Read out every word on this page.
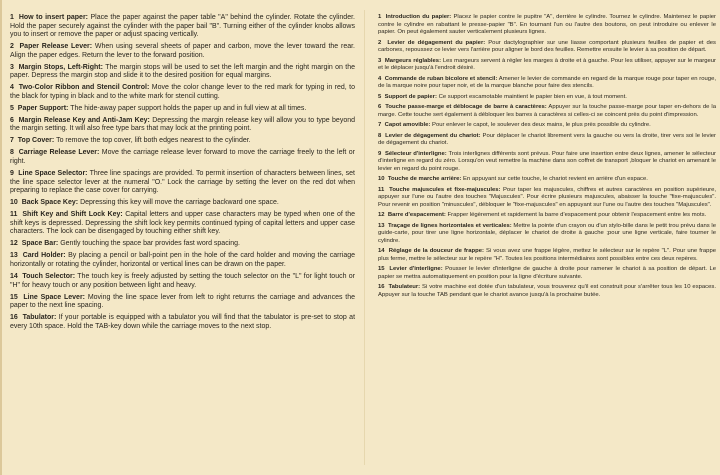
1 How to insert paper: Place the paper against the paper table "A" behind the cylinder. Rotate the cylinder. Hold the paper securely against the cylinder with the paper bail "B". Turning either of the cylinder knobs allows you to insert or remove the paper or adjust spacing vertically.

2 Paper Release Lever: When using several sheets of paper and carbon, move the lever toward the rear. Align the paper edges. Return the lever to the forward position.

3 Margin Stops, Left-Right: The margin stops will be used to set the left margin and the right margin on the paper. Depress the margin stop and slide it to the desired position for equal margins.

4 Two-Color Ribbon and Stencil Control: Move the color change lever to the red mark for typing in red, to the black for typing in black and to the white mark for stencil cutting.

5 Paper Support: The hide-away paper support holds the paper up and in full view at all times.

6 Margin Release Key and Anti-Jam Key: Depressing the margin release key will allow you to type beyond the margin setting. It will also free type bars that may lock at the printing point.

7 Top Cover: To remove the top cover, lift both edges nearest to the cylinder.

8 Carriage Release Lever: Move the carriage release lever forward to move the carriage freely to the left or right.

9 Line Space Selector: Three line spacings are provided. To permit insertion of characters between lines, set the line space selector lever at the numeral "O." Lock the carriage by setting the lever on the red dot when preparing to replace the case cover for carrying.

10 Back Space Key: Depressing this key will move the carriage backward one space.

11 Shift Key and Shift Lock Key: Capital letters and upper case characters may be typed when one of the shift keys is depressed. Depressing the shift lock key permits continued typing of capital letters and upper case characters. The lock can be disengaged by touching either shift key.

12 Space Bar: Gently touching the space bar provides fast word spacing.

13 Card Holder: By placing a pencil or ball-point pen in the hole of the card holder and moving the carriage horizontally or rotating the cylinder, horizontal or vertical lines can be drawn on the paper.

14 Touch Selector: The touch key is freely adjusted by setting the touch selector on the "L" for light touch or "H" for heavy touch or any position between light and heavy.

15 Line Space Lever: Moving the line space lever from left to right returns the carriage and advances the paper to the next line spacing.

16 Tabulator: If your portable is equipped with a tabulator you will find that the tabulator is pre-set to stop at every 10th space. Hold the TAB-key down while the carriage moves to the next stop.

1 Introduction du papier: Placez le papier contre le pupitre "A", derrière le cylindre. Tournez le cylindre. Maintenez le papier contre le cylindre en rabattant le presse-papier "B". En tournant l'un ou l'autre des boutons, on peut introduire ou enlever le papier. On peut également sauter verticalement plusieurs lignes.

2 Levier de dégagement du papier: Pour dactylographier sur une liasse comportant plusieurs feuilles de papier et des carbones, repoussez ce levier vers l'arrière pour aligner le bord des feuilles. Remettre ensuite le levier à sa position de départ.

3 Margeurs réglables: Les margeurs servent à régler les marges à droite et à gauche. Pour les utiliser, appuyer sur le margeur et le déplacer jusqu'à l'endroit désiré.

4 Commande de ruban bicolore et stencil: Amener le levier de commande en regard de la marque rouge pour taper en rouge, de la marque noire pour taper noir, et de la marque blanche pour faire des stencils.

5 Support de papier: Ce support escamotable maintient le papier bien en vue, à tout moment.

6 Touche passe-marge et déblocage de barre à caractères: Appuyer sur la touche passe-marge pour taper en-dehors de la marge. Cette touche sert également à débloquer les barres à caractères si celles-ci se coincent près du point d'impression.

7 Capot amovible: Pour enlever le capot, le soulever des deux mains, le plus près possible du cylindre.

8 Levier de dégagement du chariot: Pour déplacer le chariot librement vers la gauche ou vers la droite, tirer vers soi le levier de dégagement du chariot.

9 Sélecteur d'interligne: Trois interlignes différents sont prévus. Pour faire une insertion entre deux lignes, amener le sélecteur d'interligne en regard du zéro. Lorsqu'on veut remettre la machine dans son coffret de transport ,bloquer le chariot en amenant le levier en regard du point rouge.

10 Touche de marche arrière: En appuyant sur cette touche, le chariot revient en arrière d'un espace.

11 Touche majuscules et fixe-majuscules: Pour taper les majuscules, chiffres et autres caractères en position supérieure, appuyer sur l'une ou l'autre des touches "Majuscules". Pour écrire plusieurs majuscules, abaisser la touche "fixe-majuscules". Pour revenir en position "minuscules", débloquer le "fixe-majuscules" en appuyant sur l'une ou l'autre des touches "Majuscules".

12 Barre d'espacement: Frapper légèrement et rapidement la barre d'espacement pour obtenir l'espacement entre les mots.

13 Traçage de lignes horizontales et verticales: Mettre la pointe d'un crayon ou d'un stylo-bille dans le petit trou prévu dans le guide-carte, pour tirer une ligne horizontale, déplacer le chariot de droite à gauche ;pour une ligne verticale, faire tourner le cylindre.

14 Réglage de la douceur de frappe: Si vous avez une frappe légère, mettez le sélecteur sur le repère "L". Pour une frappe plus ferme, mettre le sélecteur sur le repère "H". Toutes les positions intermédiaires sont possibles entre ces deux repères.

15 Levier d'interligne: Pousser le levier d'interligne de gauche à droite pour ramener le chariot à sa position de départ. Le papier se mettra automatiquement en position pour la ligne d'écriture suivante.

16 Tabulateur: Si votre machine est dotée d'un tabulateur, vous trouverez qu'il est construit pour s'arrêter tous les 10 espaces. Appuyer sur la touche TAB pendant que le chariot avance jusqu'à la prochaine butée.
